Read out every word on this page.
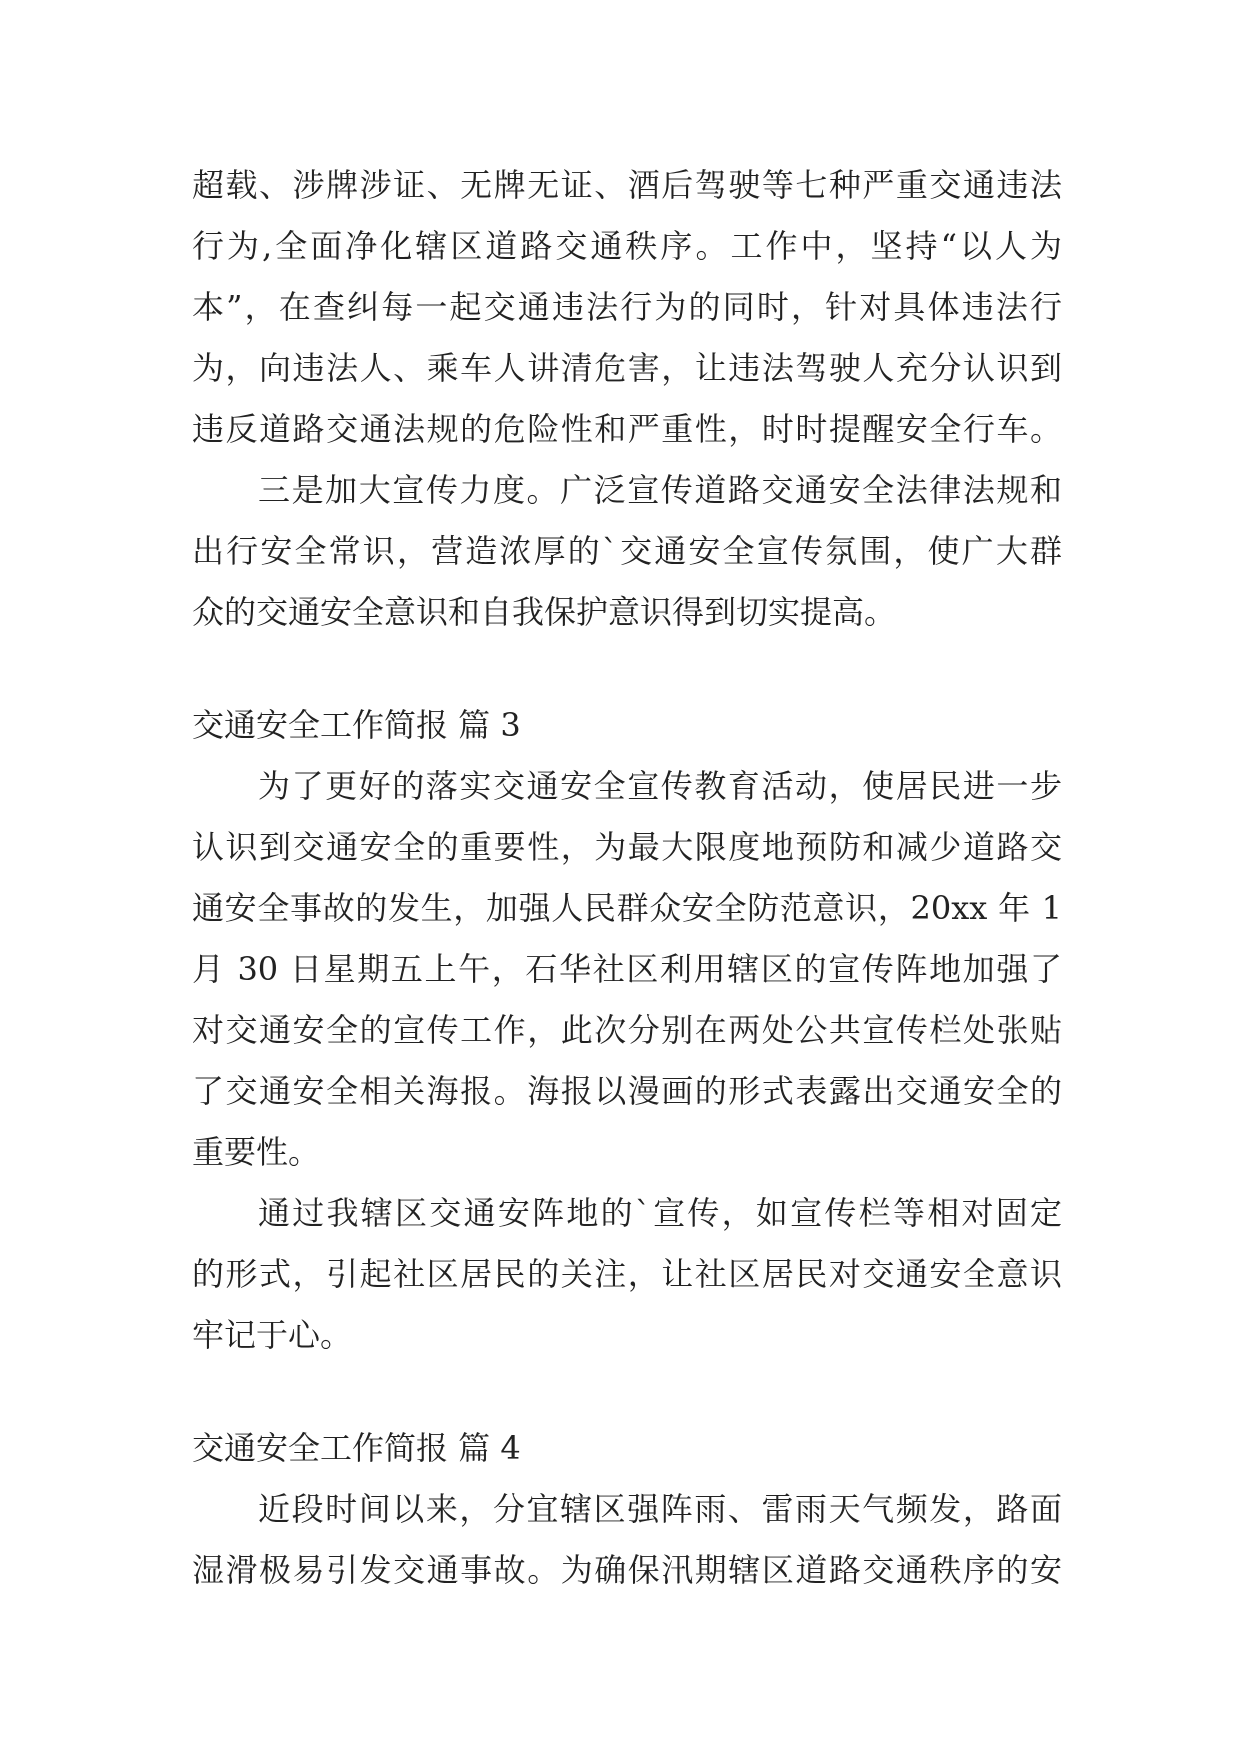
超载、涉牌涉证、无牌无证、酒后驾驶等七种严重交通违法
行为,全面净化辖区道路交通秩序。工作中，坚持“以人为
本”，在查纠每一起交通违法行为的同时，针对具体违法行
为，向违法人、乘车人讲清危害，让违法驾驶人充分认识到
违反道路交通法规的危险性和严重性，时时提醒安全行车。
三是加大宣传力度。广泛宣传道路交通安全法律法规和
出行安全常识，营造浓厚的`交通安全宣传氛围，使广大群
众的交通安全意识和自我保护意识得到切实提高。
交通安全工作简报 篇 3
为了更好的落实交通安全宣传教育活动，使居民进一步
认识到交通安全的重要性，为最大限度地预防和减少道路交
通安全事故的发生，加强人民群众安全防范意识，20xx 年 1
月 30 日星期五上午，石华社区利用辖区的宣传阵地加强了
对交通安全的宣传工作，此次分别在两处公共宣传栏处张贴
了交通安全相关海报。海报以漫画的形式表露出交通安全的
重要性。
通过我辖区交通安阵地的`宣传，如宣传栏等相对固定
的形式，引起社区居民的关注，让社区居民对交通安全意识
牢记于心。
交通安全工作简报 篇 4
近段时间以来，分宜辖区强阵雨、雷雨天气频发，路面
湿滑极易引发交通事故。为确保汛期辖区道路交通秩序的安
